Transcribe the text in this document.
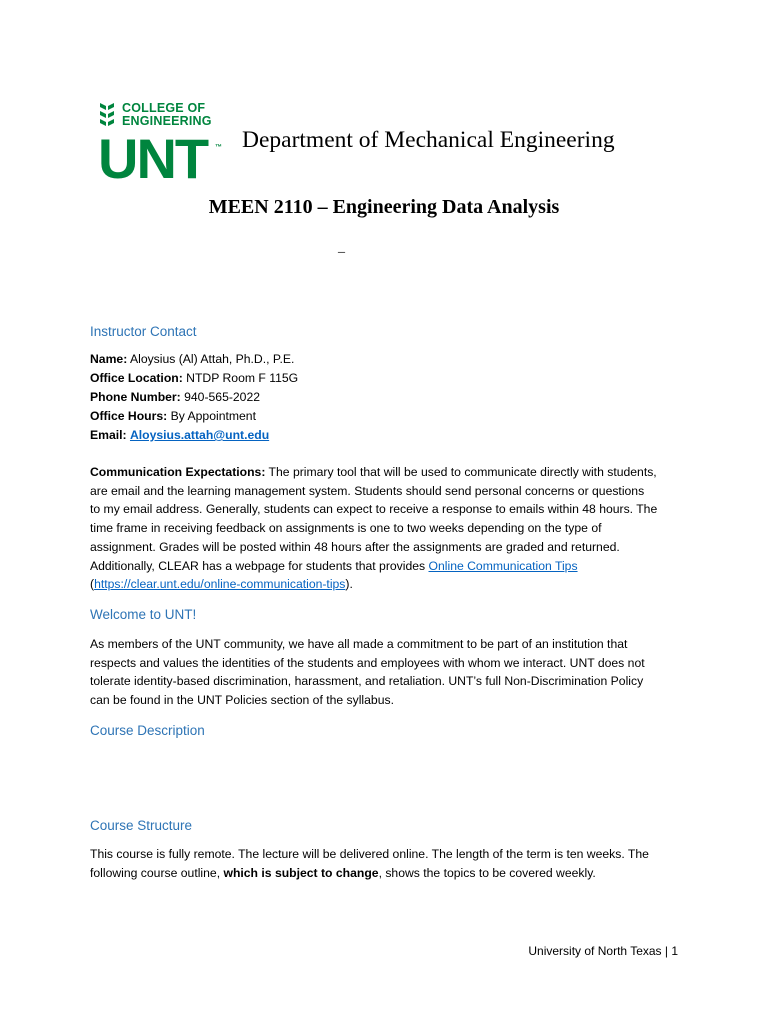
COLLEGE OF
ENGINEERING
UNT ™ Department of Mechanical Engineering
MEEN 2110 – Engineering Data Analysis
_
Instructor Contact
Name: Aloysius (Al) Attah, Ph.D., P.E.
Office Location: NTDP Room F 115G
Phone Number: 940-565-2022
Office Hours: By Appointment
Email: Aloysius.attah@unt.edu
Communication Expectations: The primary tool that will be used to communicate directly with students,
are email and the learning management system. Students should send personal concerns or questions
to my email address. Generally, students can expect to receive a response to emails within 48 hours. The
time frame in receiving feedback on assignments is one to two weeks depending on the type of
assignment. Grades will be posted within 48 hours after the assignments are graded and returned.
Additionally, CLEAR has a webpage for students that provides Online Communication Tips
(https://clear.unt.edu/online-communication-tips).
Welcome to UNT!
As members of the UNT community, we have all made a commitment to be part of an institution that
respects and values the identities of the students and employees with whom we interact. UNT does not
tolerate identity-based discrimination, harassment, and retaliation. UNT’s full Non-Discrimination Policy
can be found in the UNT Policies section of the syllabus.
Course Description
Course Structure
This course is fully remote. The lecture will be delivered online. The length of the term is ten weeks. The
following course outline, which is subject to change, shows the topics to be covered weekly.
University of North Texas | 1
